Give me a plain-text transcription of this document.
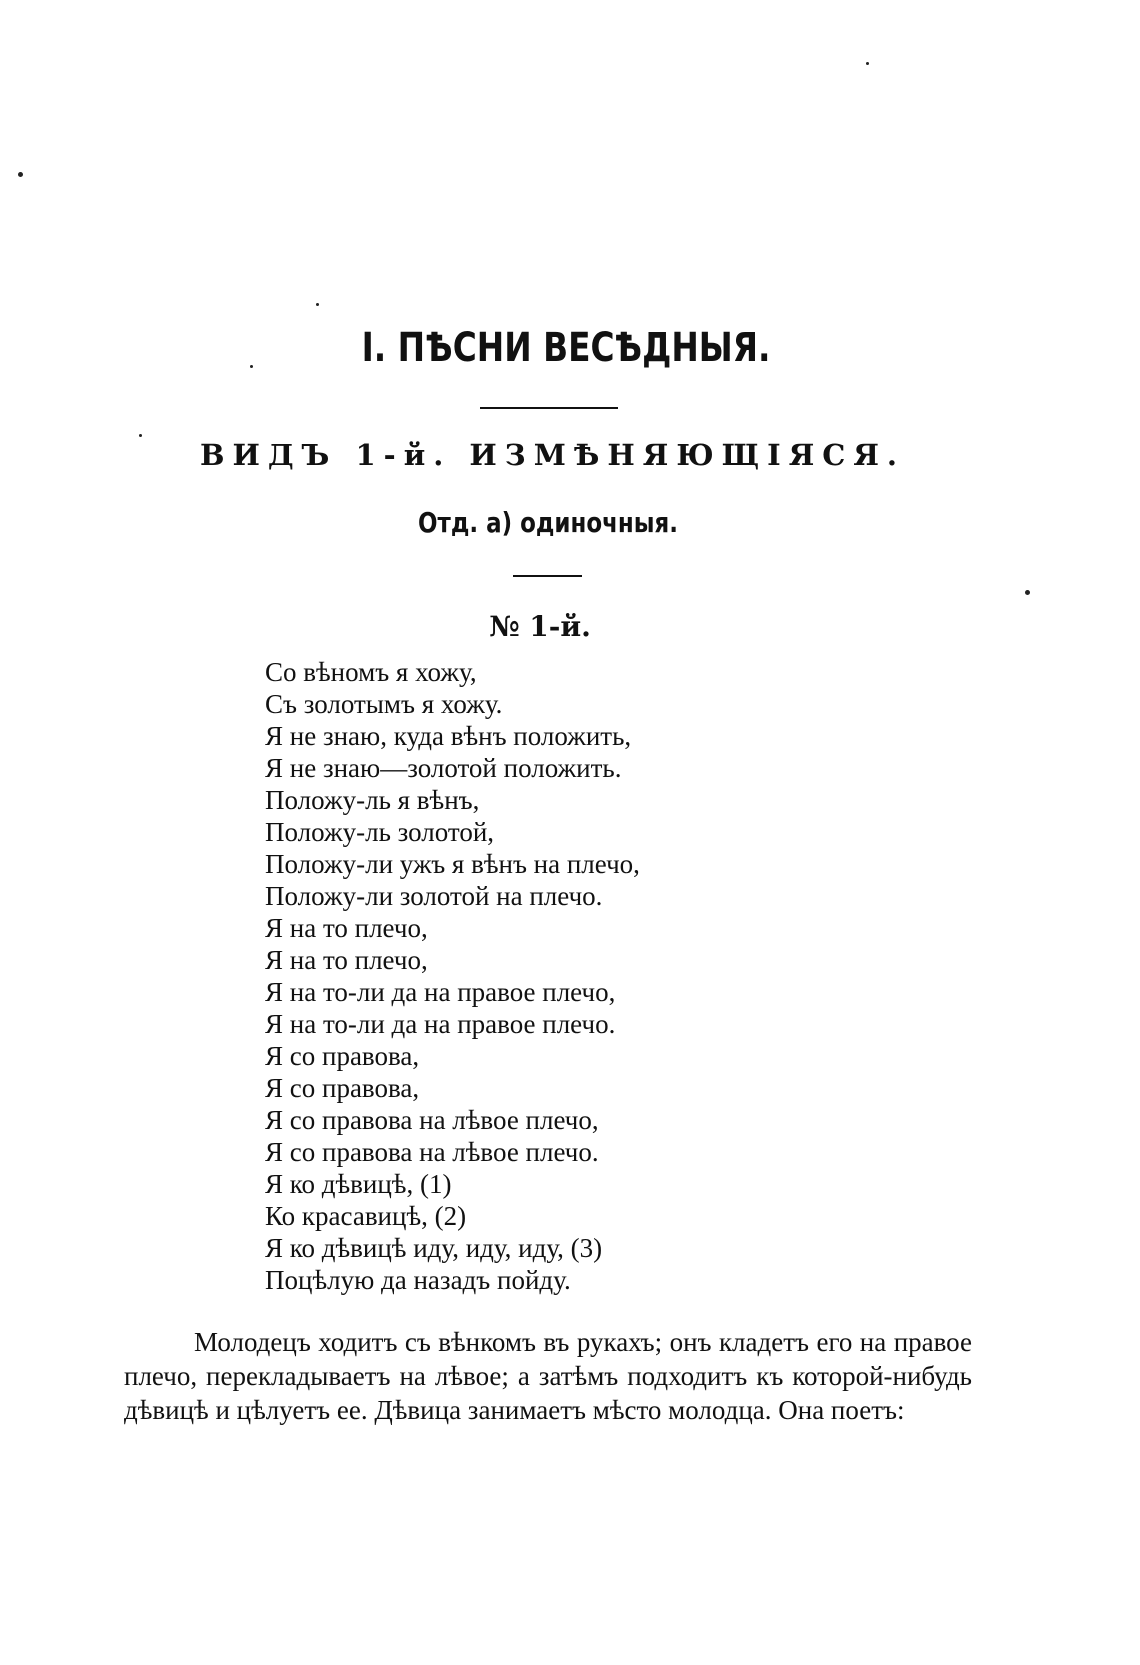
I. ПѢСНИ ВЕСѢДНЫЯ.
ВИДЪ 1-й. ИЗМѢНЯЮЩІЯСЯ.
Отд. а) одиночныя.
№ 1-й.
Со вѣномъ я хожу,
Съ золотымъ я хожу.
Я не знаю, куда вѣнъ положить,
Я не знаю—золотой положить.
Положу-ль я вѣнъ,
Положу-ль золотой,
Положу-ли ужъ я вѣнъ на плечо,
Положу-ли золотой на плечо.
Я на то плечо,
Я на то плечо,
Я на то-ли да на правое плечо,
Я на то-ли да на правое плечо.
Я со правова,
Я со правова,
Я со правова на лѣвое плечо,
Я со правова на лѣвое плечо.
Я ко дѣвицѣ, (1)
Ко красавицѣ, (2)
Я ко дѣвицѣ иду, иду, иду, (3)
Поцѣлую да назадъ пойду.

Молодецъ ходитъ съ вѣнкомъ въ рукахъ; онъ кладетъ его на правое плечо, перекладываетъ на лѣвое; а затѣмъ подходитъ къ которой-нибудь дѣвицѣ и цѣлуетъ ее. Дѣвица занимаетъ мѣсто молодца. Она поетъ:
